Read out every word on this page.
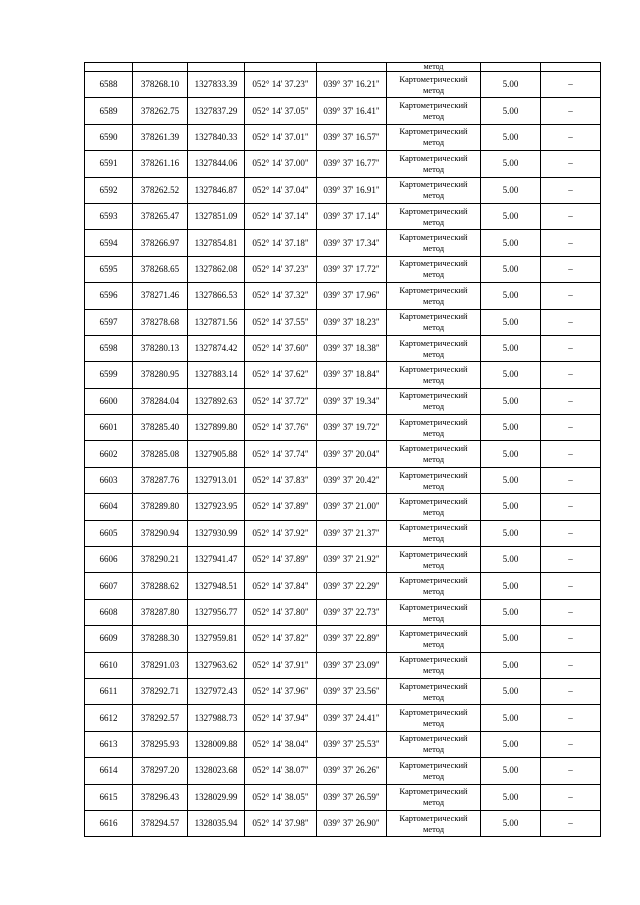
					метод		
6588	378268.10	1327833.39	052° 14' 37.23"	039° 37' 16.21"	Картометрический
метод	5.00	–
6589	378262.75	1327837.29	052° 14' 37.05"	039° 37' 16.41"	Картометрический
метод	5.00	–
6590	378261.39	1327840.33	052° 14' 37.01"	039° 37' 16.57"	Картометрический
метод	5.00	–
6591	378261.16	1327844.06	052° 14' 37.00"	039° 37' 16.77"	Картометрический
метод	5.00	–
6592	378262.52	1327846.87	052° 14' 37.04"	039° 37' 16.91"	Картометрический
метод	5.00	–
6593	378265.47	1327851.09	052° 14' 37.14"	039° 37' 17.14"	Картометрический
метод	5.00	–
6594	378266.97	1327854.81	052° 14' 37.18"	039° 37' 17.34"	Картометрический
метод	5.00	–
6595	378268.65	1327862.08	052° 14' 37.23"	039° 37' 17.72"	Картометрический
метод	5.00	–
6596	378271.46	1327866.53	052° 14' 37.32"	039° 37' 17.96"	Картометрический
метод	5.00	–
6597	378278.68	1327871.56	052° 14' 37.55"	039° 37' 18.23"	Картометрический
метод	5.00	–
6598	378280.13	1327874.42	052° 14' 37.60"	039° 37' 18.38"	Картометрический
метод	5.00	–
6599	378280.95	1327883.14	052° 14' 37.62"	039° 37' 18.84"	Картометрический
метод	5.00	–
6600	378284.04	1327892.63	052° 14' 37.72"	039° 37' 19.34"	Картометрический
метод	5.00	–
6601	378285.40	1327899.80	052° 14' 37.76"	039° 37' 19.72"	Картометрический
метод	5.00	–
6602	378285.08	1327905.88	052° 14' 37.74"	039° 37' 20.04"	Картометрический
метод	5.00	–
6603	378287.76	1327913.01	052° 14' 37.83"	039° 37' 20.42"	Картометрический
метод	5.00	–
6604	378289.80	1327923.95	052° 14' 37.89"	039° 37' 21.00"	Картометрический
метод	5.00	–
6605	378290.94	1327930.99	052° 14' 37.92"	039° 37' 21.37"	Картометрический
метод	5.00	–
6606	378290.21	1327941.47	052° 14' 37.89"	039° 37' 21.92"	Картометрический
метод	5.00	–
6607	378288.62	1327948.51	052° 14' 37.84"	039° 37' 22.29"	Картометрический
метод	5.00	–
6608	378287.80	1327956.77	052° 14' 37.80"	039° 37' 22.73"	Картометрический
метод	5.00	–
6609	378288.30	1327959.81	052° 14' 37.82"	039° 37' 22.89"	Картометрический
метод	5.00	–
6610	378291.03	1327963.62	052° 14' 37.91"	039° 37' 23.09"	Картометрический
метод	5.00	–
6611	378292.71	1327972.43	052° 14' 37.96"	039° 37' 23.56"	Картометрический
метод	5.00	–
6612	378292.57	1327988.73	052° 14' 37.94"	039° 37' 24.41"	Картометрический
метод	5.00	–
6613	378295.93	1328009.88	052° 14' 38.04"	039° 37' 25.53"	Картометрический
метод	5.00	–
6614	378297.20	1328023.68	052° 14' 38.07"	039° 37' 26.26"	Картометрический
метод	5.00	–
6615	378296.43	1328029.99	052° 14' 38.05"	039° 37' 26.59"	Картометрический
метод	5.00	–
6616	378294.57	1328035.94	052° 14' 37.98"	039° 37' 26.90"	Картометрический
метод	5.00	–
